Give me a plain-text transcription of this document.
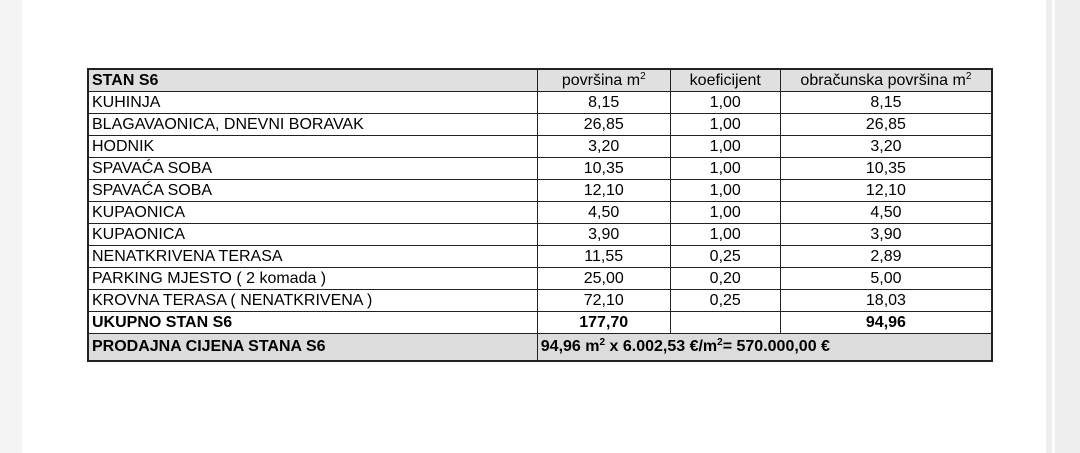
STAN S6	površina $m^2$	koeficijent	obračunska površina $m^2$
KUHINJA	8,15	1,00	8,15
BLAGAVAONICA, DNEVNI BORAVAK	26,85	1,00	26,85
HODNIK	3,20	1,00	3,20
SPAVAĆA SOBA	10,35	1,00	10,35
SPAVAĆA SOBA	12,10	1,00	12,10
KUPAONICA	4,50	1,00	4,50
KUPAONICA	3,90	1,00	3,90
NENATKRIVENA TERASA	11,55	0,25	2,89
PARKING MJESTO ( 2 komada )	25,00	0,20	5,00
KROVNA TERASA ( NENATKRIVENA )	72,10	0,25	18,03
UKUPNO STAN S6	177,70		94,96
PRODAJNA CIJENA STANA S6	94,96 $m^2$ x 6.002,53 $€/m^2= 570.000,00$ €		
